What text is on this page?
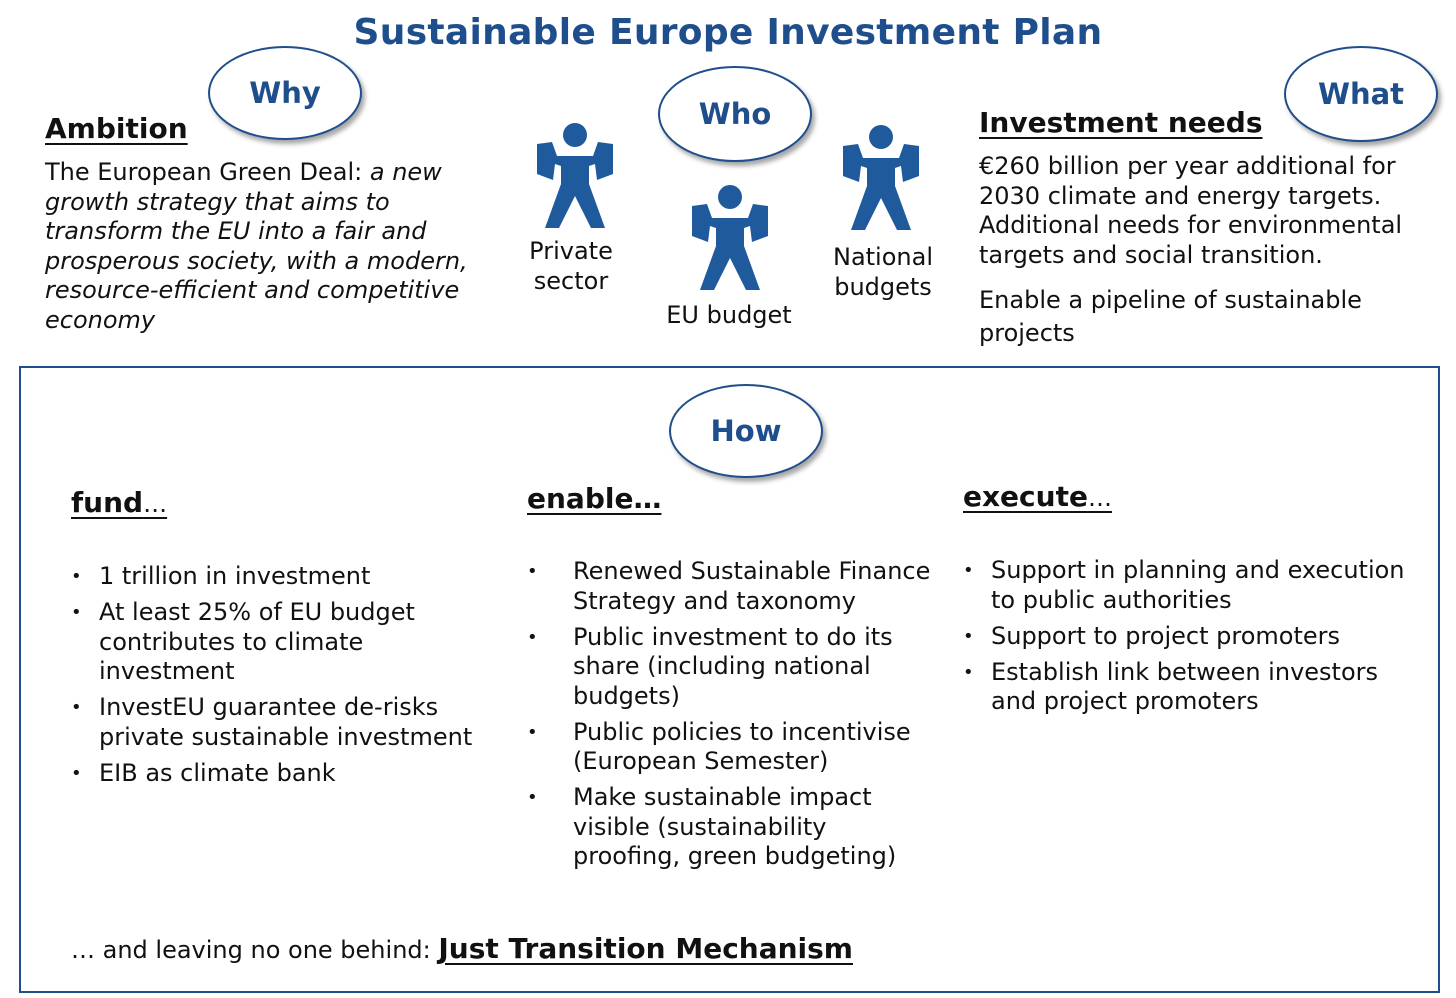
Sustainable Europe Investment Plan
Why
Ambition
The European Green Deal: a new growth strategy that aims to transform the EU into a fair and prosperous society, with a modern, resource-efficient and competitive economy
Who
Private
sector
EU budget
National
budgets
What
Investment needs
€260 billion per year additional for 2030 climate and energy targets. Additional needs for environmental targets and social transition.
Enable a pipeline of sustainable projects
How
fund…
• 1 trillion in investment
• At least 25% of EU budget contributes to climate investment
• InvestEU guarantee de-risks private sustainable investment
• EIB as climate bank
enable…
• Renewed Sustainable Finance Strategy and taxonomy
• Public investment to do its share (including national budgets)
• Public policies to incentivise (European Semester)
• Make sustainable impact visible (sustainability proofing, green budgeting)
execute…
• Support in planning and execution to public authorities
• Support to project promoters
• Establish link between investors and project promoters
… and leaving no one behind: Just Transition Mechanism
